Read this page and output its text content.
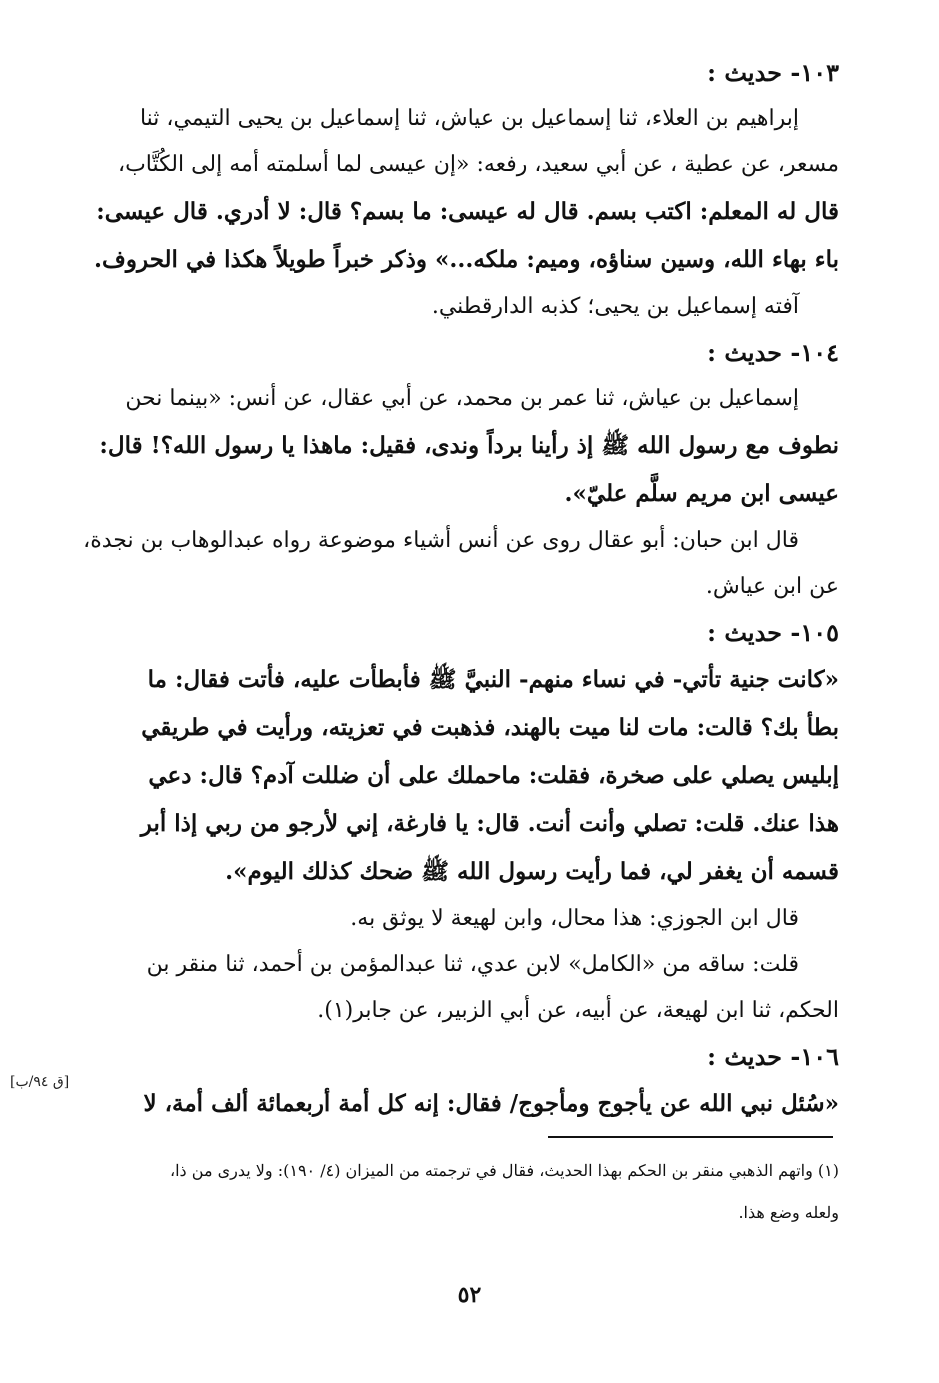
١٠٣- حديث :
إبراهيم بن العلاء، ثنا إسماعيل بن عياش، ثنا إسماعيل بن يحيى التيمي، ثنا
مسعر، عن عطية ، عن أبي سعيد، رفعه: «إن عيسى لما أسلمته أمه إلى الكُتَّاب،
قال له المعلم: اكتب بسم. قال له عيسى: ما بسم؟ قال: لا أدري. قال عيسى:
باء بهاء الله، وسين سناؤه، وميم: ملكه...» وذكر خبراً طويلاً هكذا في الحروف.
آفته إسماعيل بن يحيى؛ كذبه الدارقطني.
١٠٤- حديث :
إسماعيل بن عياش، ثنا عمر بن محمد، عن أبي عقال، عن أنس: «بينما نحن
نطوف مع رسول الله ﷺ إذ رأينا برداً وندى، فقيل: ماهذا يا رسول الله؟! قال:
عيسى ابن مريم سلَّم عليّ».
قال ابن حبان: أبو عقال روى عن أنس أشياء موضوعة رواه عبدالوهاب بن نجدة،
عن ابن عياش.
١٠٥- حديث :
«كانت جنية تأتي- في نساء منهم- النبيَّ ﷺ فأبطأت عليه، فأتت فقال: ما
بطأ بك؟ قالت: مات لنا ميت بالهند، فذهبت في تعزيته، ورأيت في طريقي
إبليس يصلي على صخرة، فقلت: ماحملك على أن ضللت آدم؟ قال: دعي
هذا عنك. قلت: تصلي وأنت أنت. قال: يا فارغة، إني لأرجو من ربي إذا أبر
قسمه أن يغفر لي، فما رأيت رسول الله ﷺ ضحك كذلك اليوم».
قال ابن الجوزي: هذا محال، وابن لهيعة لا يوثق به.
قلت: ساقه من «الكامل» لابن عدي، ثنا عبدالمؤمن بن أحمد، ثنا منقر بن
الحكم، ثنا ابن لهيعة، عن أبيه، عن أبي الزبير، عن جابر(١).
١٠٦- حديث :
«سُئل نبي الله عن يأجوج ومأجوج/ فقال: إنه كل أمة أربعمائة ألف أمة، لا
[ق ٩٤/ب]
(١) واتهم الذهبي منقر بن الحكم بهذا الحديث، فقال في ترجمته من الميزان (٤/ ١٩٠): ولا يدرى من ذا،
ولعله وضع هذا.
٥٢
